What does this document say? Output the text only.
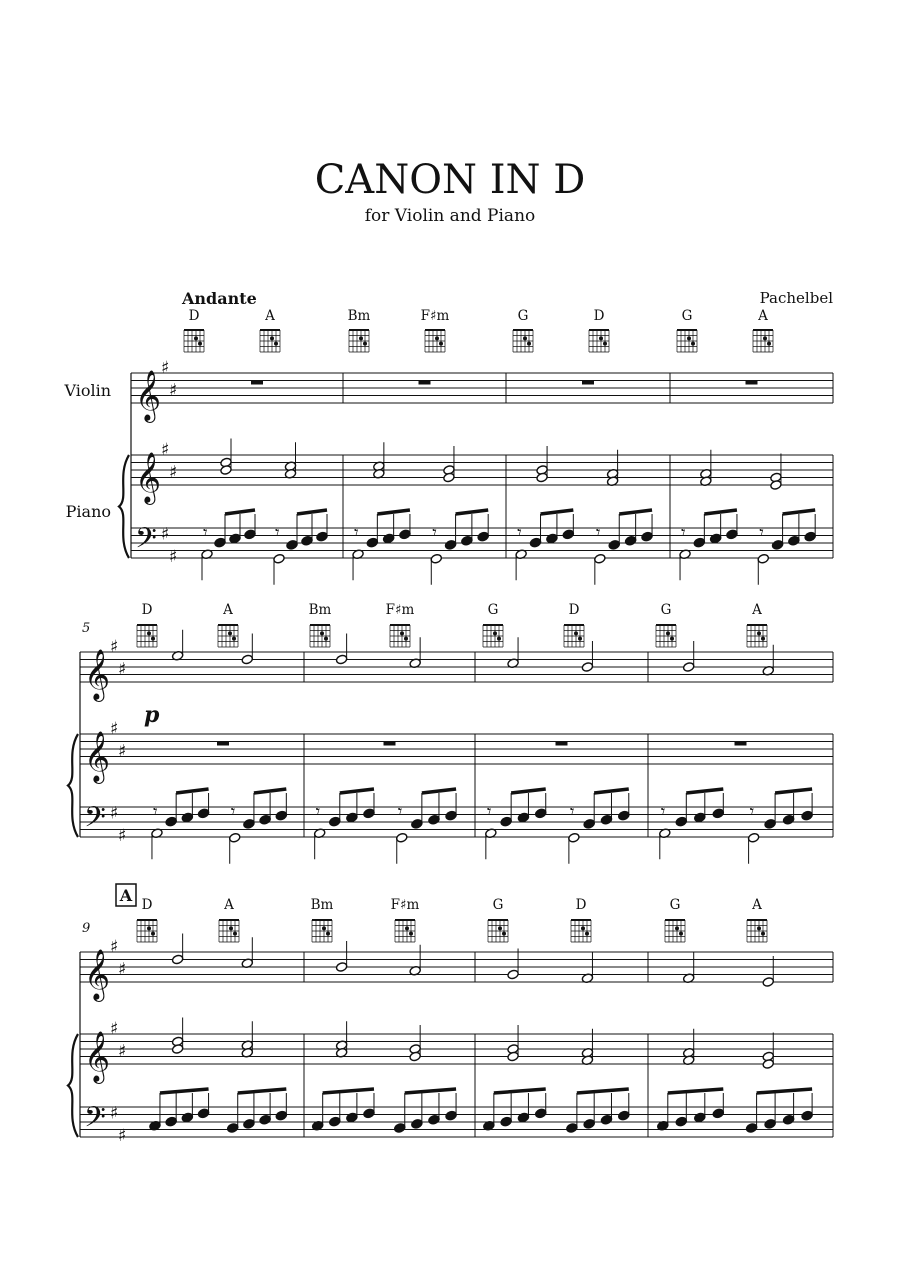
CANON IN D
for Violin and Piano
Andante	Pachelbel
Violin
Piano
𝄞
𝄞
𝄢
♯
♯
♯
♯
♯
♯
D	A	Bm	F♯m	G	D	G	A
𝄾	𝄾	𝄾	𝄾	𝄾	𝄾	𝄾	𝄾
𝄞
𝄞
𝄢
♯
♯
♯
♯
♯
♯
5
D	A	Bm	F♯m	G	D	G	A
p
𝄾	𝄾	𝄾	𝄾	𝄾	𝄾	𝄾	𝄾
𝄞
𝄞
𝄢
♯
♯
♯
♯
♯
♯
9
D	A	Bm	F♯m	G	D	G	A
A
